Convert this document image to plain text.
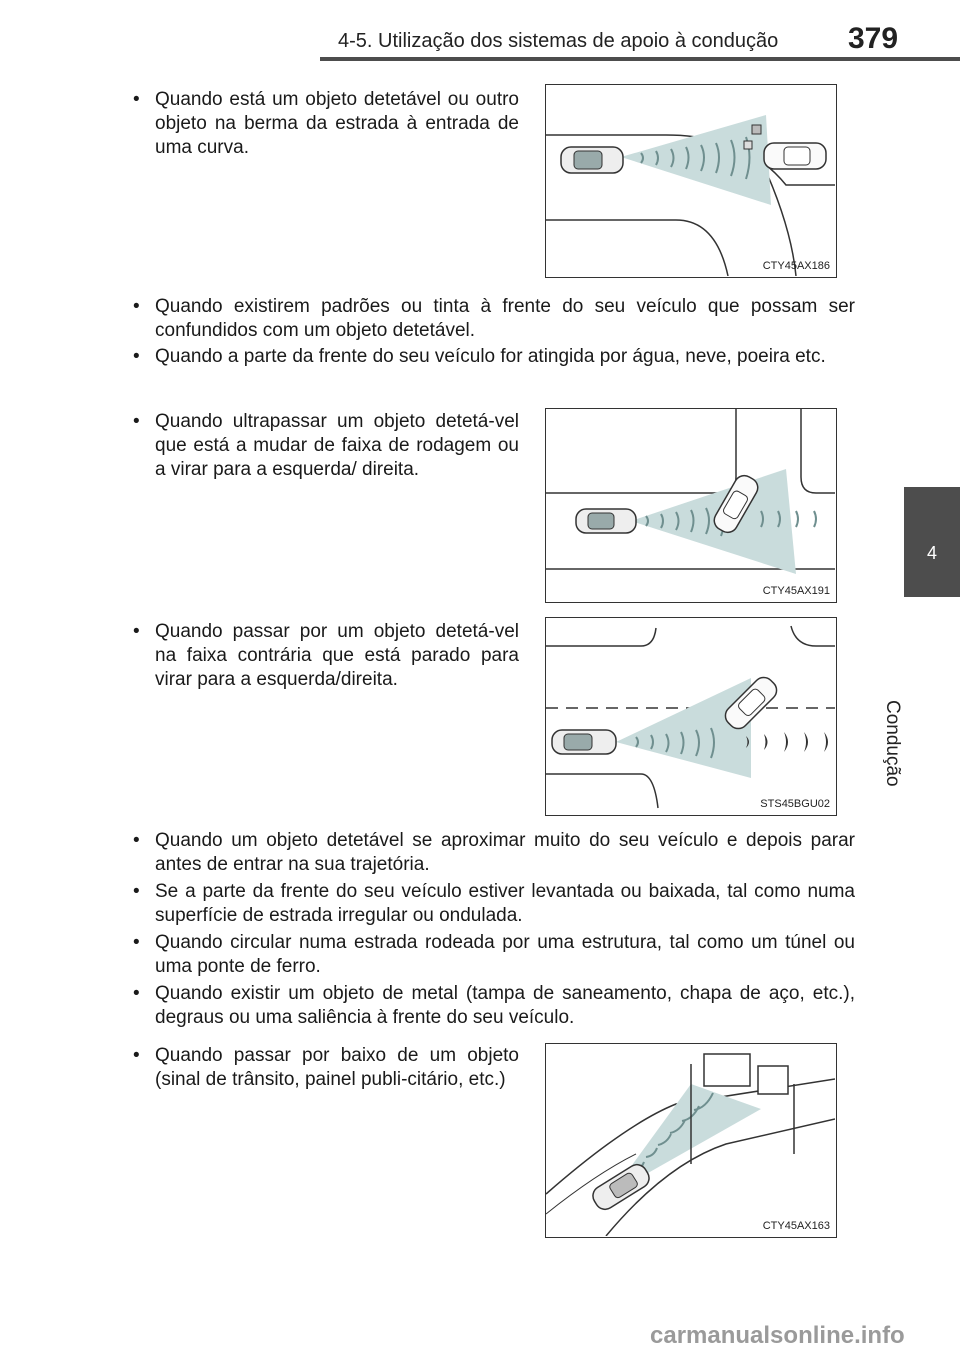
4-5. Utilização dos sistemas de apoio à condução	379
4
Condução

• Quando está um objeto detetável ou outro objeto na berma da estrada à entrada de uma curva.

• Quando existirem padrões ou tinta à frente do seu veículo que possam ser confundidos com um objeto detetável.

• Quando a parte da frente do seu veículo for atingida por água, neve, poeira etc.

• Quando ultrapassar um objeto detetá-vel que está a mudar de faixa de rodagem ou a virar para a esquerda/ direita.

• Quando passar por um objeto detetá-vel na faixa contrária que está parado para virar para a esquerda/direita.

• Quando um objeto detetável se aproximar muito do seu veículo e depois parar antes de entrar na sua trajetória.

• Se a parte da frente do seu veículo estiver levantada ou baixada, tal como numa superfície de estrada irregular ou ondulada.

• Quando circular numa estrada rodeada por uma estrutura, tal como um túnel ou uma ponte de ferro.

• Quando existir um objeto de metal (tampa de saneamento, chapa de aço, etc.), degraus ou uma saliência à frente do seu veículo.

• Quando passar por baixo de um objeto (sinal de trânsito, painel publi-citário, etc.)

CTY45AX186
CTY45AX191
STS45BGU02
CTY45AX163
carmanualsonline.info
